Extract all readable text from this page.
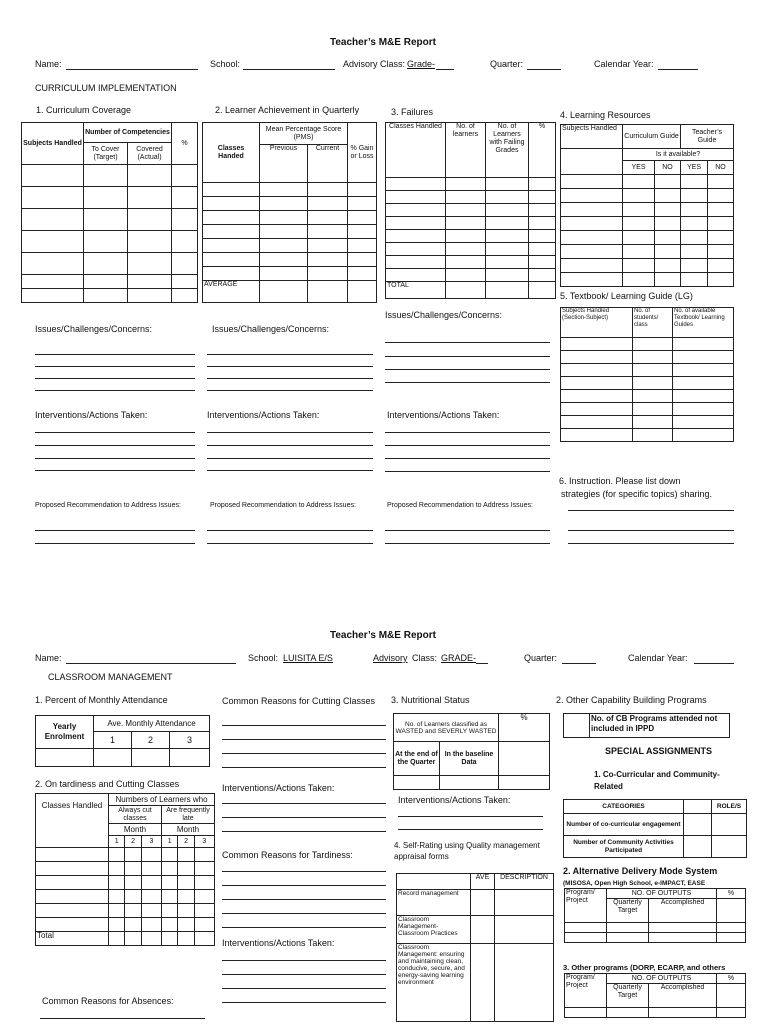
Teacher’s M&E Report
Name:	School:	Advisory Class: Grade-	Quarter:	Calendar Year:
CURRICULUM IMPLEMENTATION
1. Curriculum Coverage
Subjects Handled	Number of Competencies		%
	To Cover (Target)	Covered (Actual)	

2. Learner Achievement in Quarterly
Classes Handed	Mean Percentage Score (PMS)		% Gain or Loss
	Previous	Current	

AVERAGE			
3. Failures
Classes Handled	No. of learners	No. of Learners with Failing Grades	%

TOTAL			
4. Learning Resources
Subjects Handled	Curriculum Guide		Teacher’s Guide	
	Is it available?			
	YES	NO	YES	NO

5. Textbook/ Learning Guide (LG)
Subjects Handled (Section-Subject)	No. of students/ class	No. of available Textbook/ Learning Guides

Issues/Challenges/Concerns:
Interventions/Actions Taken:
Proposed Recommendation to Address Issues:
Issues/Challenges/Concerns:
Interventions/Actions Taken:
Proposed Recommendation to Address Issues:
Issues/Challenges/Concerns:
Interventions/Actions Taken:
Proposed Recommendation to Address Issues:
6. Instruction. Please list down
strategies (for specific topics) sharing.
Teacher’s M&E Report
Name:	School: LUISITA E/S	Advisory Class: GRADE-	Quarter:	Calendar Year:
CLASSROOM MANAGEMENT
1. Percent of Monthly Attendance
Yearly Enrolment	Ave. Monthly Attendance		
	1	2	3

2. On tardiness and Cutting Classes
Classes Handled	Numbers of Learners who					
	Always cut classes			Are frequently late		
	Month			Month		
	1	2	3	1	2	3

Total						
Common Reasons for Absences:
Common Reasons for Cutting Classes
Interventions/Actions Taken:
Common Reasons for Tardiness:
Interventions/Actions Taken:
3. Nutritional Status
No. of Learners classified as WASTED and SEVERLY WASTED		%
At the end of the Quarter	In the baseline Data	

Interventions/Actions Taken:
4. Self-Rating using Quality management appraisal forms
	AVE	DESCRIPTION
Record management		
Classroom Management-Classroom Practices		
Classroom Management: ensuring and maintaining clean, conducive, secure, and energy-saving learning environment		
2. Other Capability Building Programs
	No. of CB Programs attended not included in IPPD
SPECIAL ASSIGNMENTS
1. Co-Curricular and Community-Related
CATEGORIES		ROLE/S
Number of co-curricular engagement		
Number of Community Activities Participated		
2. Alternative Delivery Mode System
(MISOSA, Open High School, e-IMPACT, EASE
Program/ Project	NO. OF OUTPUTS		%
	Quarterly Target	Accomplished	

3. Other programs (DORP, ECARP, and others
Program/ Project	NO. OF OUTPUTS		%
	Quarterly Target	Accomplished	
